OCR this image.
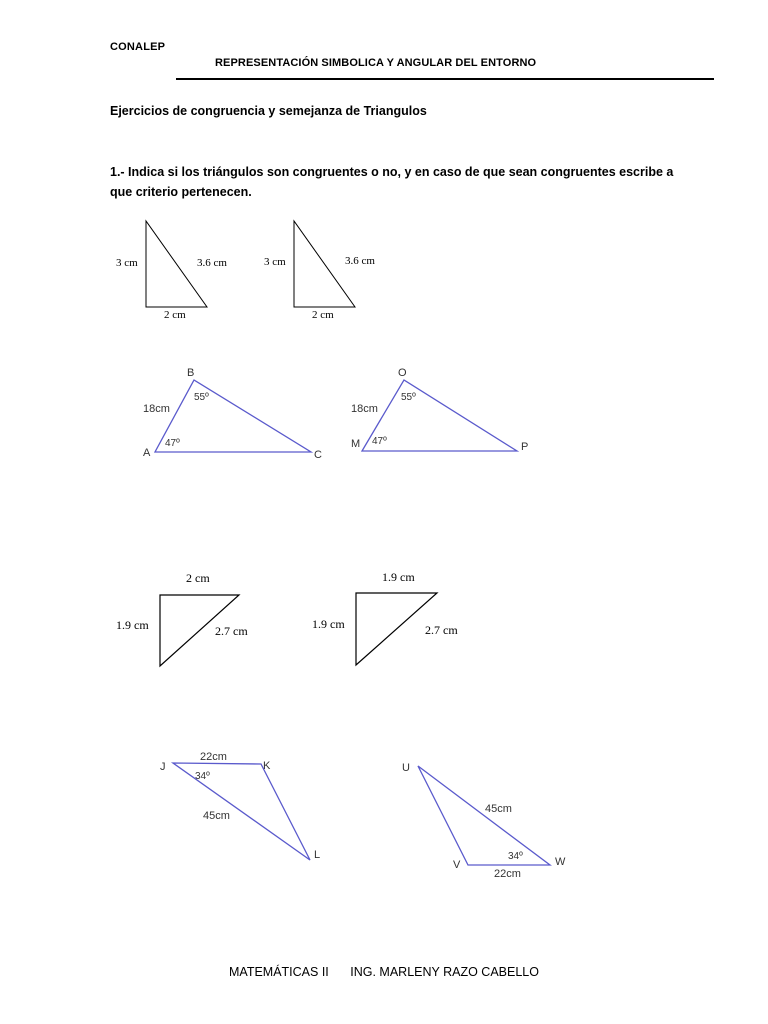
CONALEP
REPRESENTACIÓN SIMBOLICA Y ANGULAR DEL ENTORNO
Ejercicios de congruencia y semejanza de Triangulos
1.- Indica si los triángulos son congruentes o no, y en caso de que sean congruentes escribe a que criterio pertenecen.
3 cm	3.6 cm
2 cm
3 cm	3.6 cm
2 cm
B
A	C
18cm
55º
47º
O
M	P
18cm
55º
47º
2 cm
1.9 cm	2.7 cm
1.9 cm
1.9 cm	2.7 cm
J	K
L
22cm
34º
45cm
U
V	W
45cm
34º
22cm
MATEMÁTICAS II ING. MARLENY RAZO CABELLO
